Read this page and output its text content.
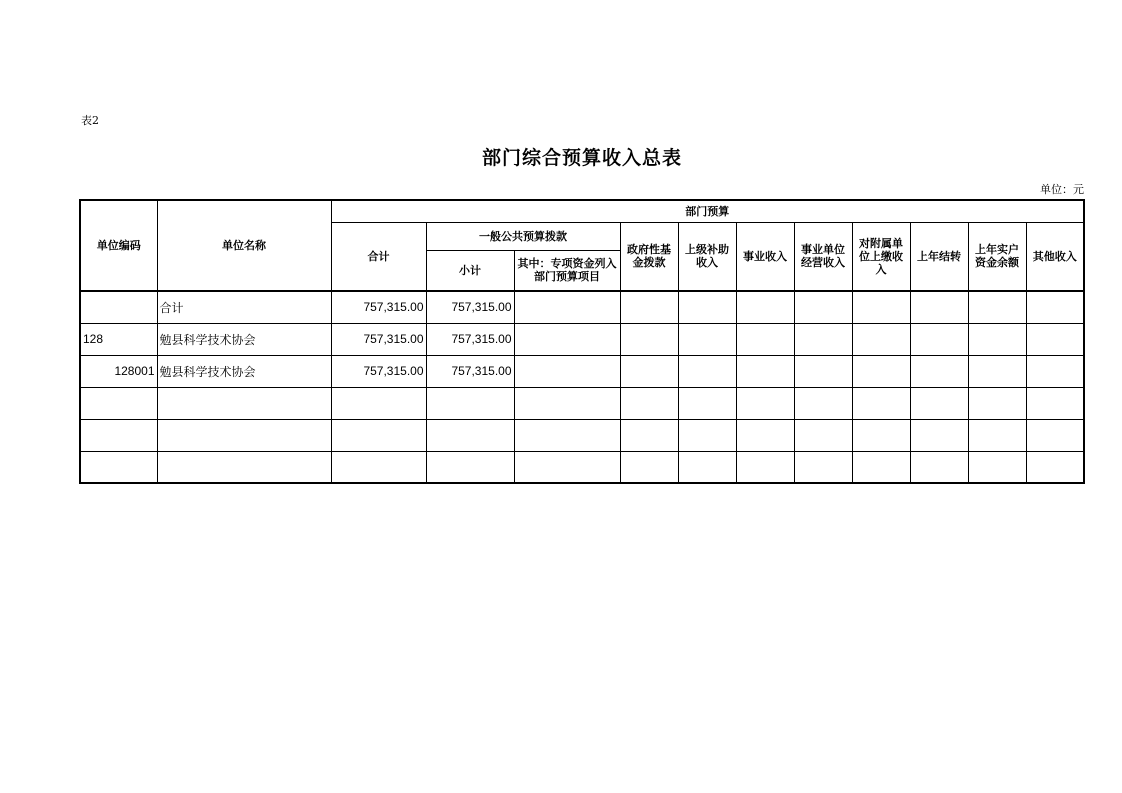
表2
部门综合预算收入总表
单位：元
单位编码	单位名称	部门预算										
		合计	一般公共预算拨款		政府性基金拨款	上级补助收入	事业收入	事业单位经营收入	对附属单位上缴收入	上年结转	上年实户资金余额	其他收入
			小计	其中：专项资金列入部门预算项目								
	合计	757,315.00	757,315.00									
128	勉县科学技术协会	757,315.00	757,315.00									
128001	勉县科学技术协会	757,315.00	757,315.00									
